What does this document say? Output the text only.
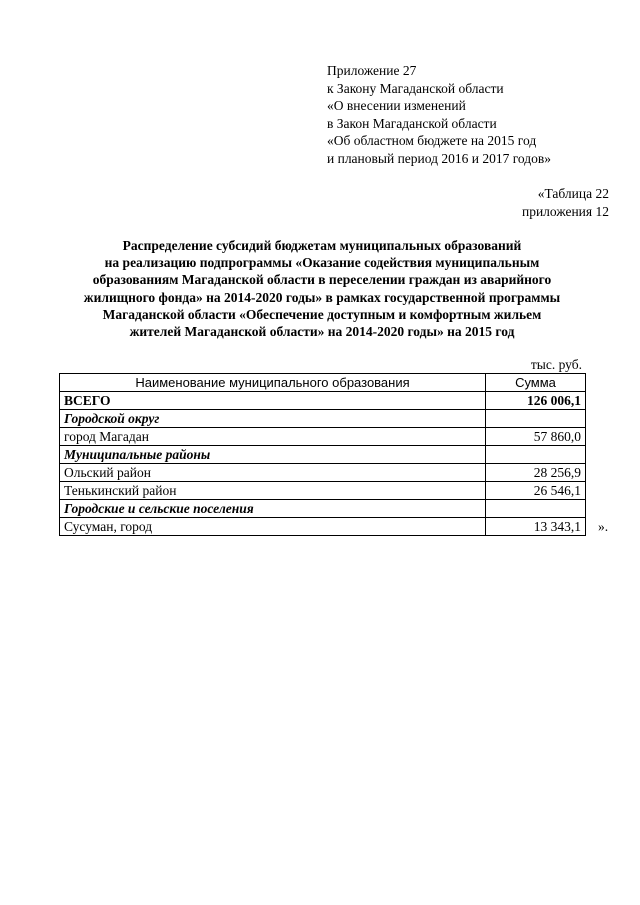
Приложение 27
к Закону Магаданской области
«О внесении изменений
в Закон Магаданской области
«Об областном бюджете на 2015 год
и плановый период 2016 и 2017 годов»
«Таблица 22
приложения 12
Распределение субсидий бюджетам муниципальных образований
на реализацию подпрограммы «Оказание содействия муниципальным
образованиям Магаданской области в переселении граждан из аварийного
жилищного фонда» на 2014-2020 годы» в рамках государственной программы
Магаданской области «Обеспечение доступным и комфортным жильем
жителей Магаданской области» на 2014-2020 годы» на 2015 год
тыс. руб.
Наименование муниципального образования	Сумма
ВСЕГО	126 006,1
Городской округ	
город Магадан	57 860,0
Муниципальные районы	
Ольский район	28 256,9
Тенькинский район	26 546,1
Городские и сельские поселения	
Сусуман, город	13 343,1 ».
